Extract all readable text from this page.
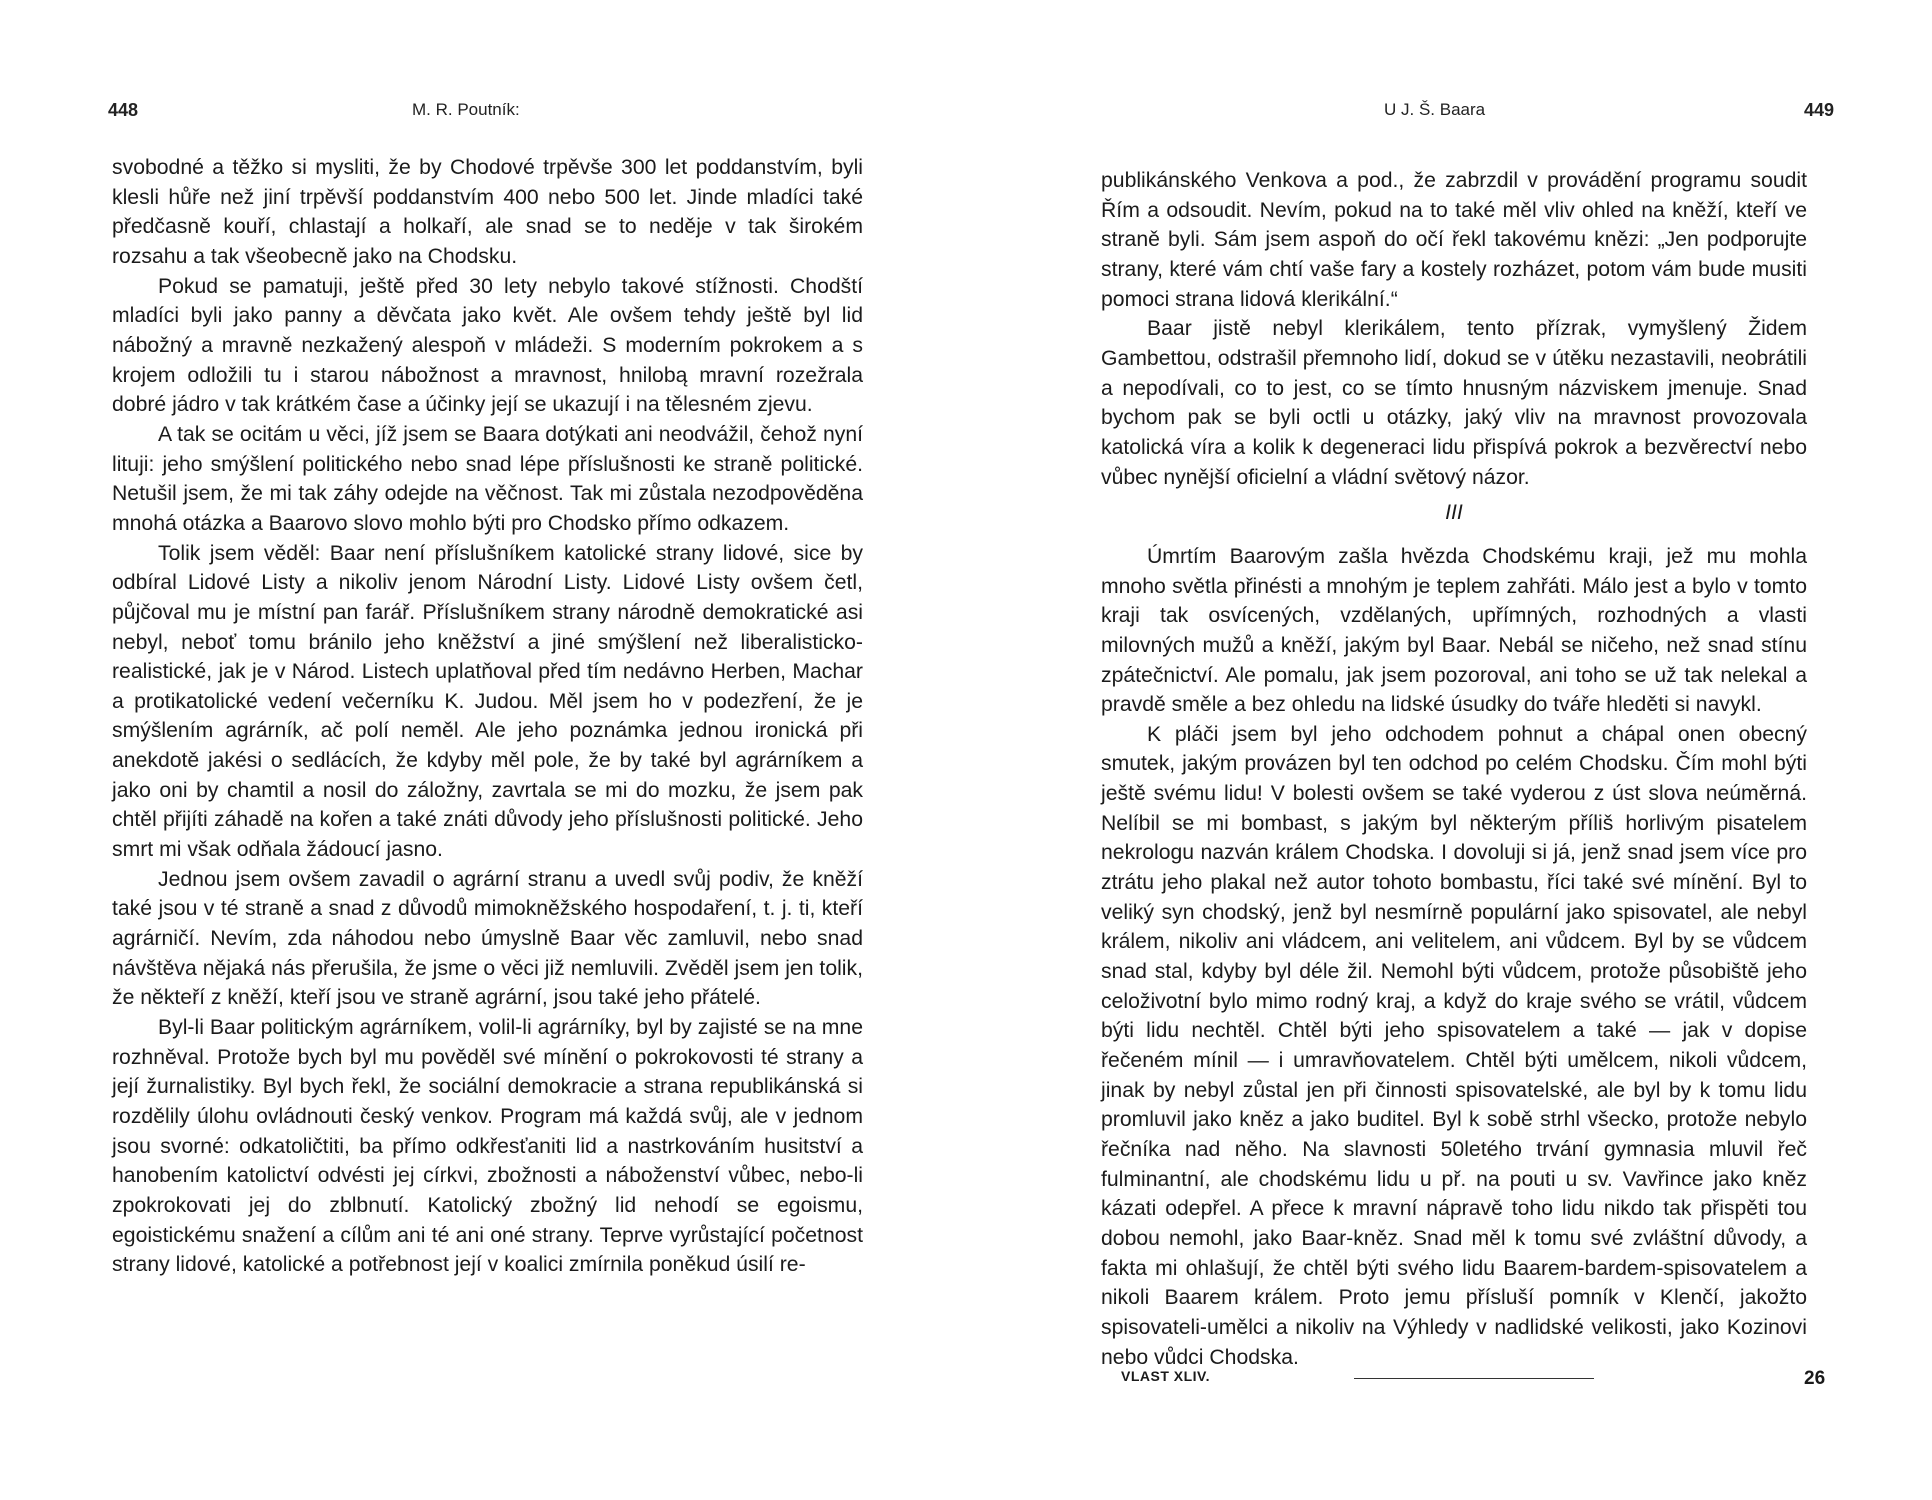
448	M. R. Poutník:

svobodné a těžko si mysliti, že by Chodové trpěvše 300 let poddanstvím, byli klesli hůře než jiní trpěvší poddanstvím 400 nebo 500 let. Jinde mladíci také předčasně kouří, chlastají a holkaří, ale snad se to neděje v tak širokém rozsahu a tak všeobecně jako na Chodsku.

Pokud se pamatuji, ještě před 30 lety nebylo takové stížnosti. Chodští mladíci byli jako panny a děvčata jako květ. Ale ovšem tehdy ještě byl lid nábožný a mravně nezkažený alespoň v mládeži. S moderním pokrokem a s krojem odložili tu i starou nábožnost a mravnost, hnilobą mravní rozežrala dobré jádro v tak krátkém čase a účinky její se ukazují i na tělesném zjevu.

A tak se ocitám u věci, jíž jsem se Baara dotýkati ani neodvážil, čehož nyní lituji: jeho smýšlení politického nebo snad lépe příslušnosti ke straně politické. Netušil jsem, že mi tak záhy odejde na věčnost. Tak mi zůstala nezodpověděna mnohá otázka a Baarovo slovo mohlo býti pro Chodsko přímo odkazem.

Tolik jsem věděl: Baar není příslušníkem katolické strany lidové, sice by odbíral Lidové Listy a nikoliv jenom Národní Listy. Lidové Listy ovšem četl, půjčoval mu je místní pan farář. Příslušníkem strany národně demokratické asi nebyl, neboť tomu bránilo jeho kněžství a jiné smýšlení než liberalisticko-realistické, jak je v Národ. Listech uplatňoval před tím nedávno Herben, Machar a protikatolické vedení večerníku K. Judou. Měl jsem ho v podezření, že je smýšlením agrárník, ač polí neměl. Ale jeho poznámka jednou ironická při anekdotě jakési o sedlácích, že kdyby měl pole, že by také byl agrárníkem a jako oni by chamtil a nosil do záložny, zavrtala se mi do mozku, že jsem pak chtěl přijíti záhadě na kořen a také znáti důvody jeho příslušnosti politické. Jeho smrt mi však odňala žádoucí jasno.

Jednou jsem ovšem zavadil o agrární stranu a uvedl svůj podiv, že kněží také jsou v té straně a snad z důvodů mimokněžského hospodaření, t. j. ti, kteří agrárničí. Nevím, zda náhodou nebo úmyslně Baar věc zamluvil, nebo snad návštěva nějaká nás přerušila, že jsme o věci již nemluvili. Zvěděl jsem jen tolik, že někteří z kněží, kteří jsou ve straně agrární, jsou také jeho přátelé.

Byl-li Baar politickým agrárníkem, volil-li agrárníky, byl by zajisté se na mne rozhněval. Protože bych byl mu pověděl své mínění o pokrokovosti té strany a její žurnalistiky. Byl bych řekl, že sociální demokracie a strana republikánská si rozdělily úlohu ovládnouti český venkov. Program má každá svůj, ale v jednom jsou svorné: odkatoličtiti, ba přímo odkřesťaniti lid a nastrkováním husitství a hanobením katolictví odvésti jej církvi, zbožnosti a náboženství vůbec, nebo-li zpokrokovati jej do zblbnutí. Katolický zbožný lid nehodí se egoismu, egoistickému snažení a cílům ani té ani oné strany. Teprve vyrůstající početnost strany lidové, katolické a potřebnost její v koalici zmírnila poněkud úsilí re-

U J. Š. Baara	449

publikánského Venkova a pod., že zabrzdil v provádění programu soudit Řím a odsoudit. Nevím, pokud na to také měl vliv ohled na kněží, kteří ve straně byli. Sám jsem aspoň do očí řekl takovému knězi: „Jen podporujte strany, které vám chtí vaše fary a kostely rozházet, potom vám bude musiti pomoci strana lidová klerikální.“

Baar jistě nebyl klerikálem, tento přízrak, vymyšlený Židem Gambettou, odstrašil přemnoho lidí, dokud se v útěku nezastavili, neobrátili a nepodívali, co to jest, co se tímto hnusným názviskem jmenuje. Snad bychom pak se byli octli u otázky, jaký vliv na mravnost provozovala katolická víra a kolik k degeneraci lidu přispívá pokrok a bezvěrectví nebo vůbec nynější oficielní a vládní světový názor.

III

Úmrtím Baarovým zašla hvězda Chodskému kraji, jež mu mohla mnoho světla přinésti a mnohým je teplem zahřáti. Málo jest a bylo v tomto kraji tak osvícených, vzdělaných, upřímných, rozhodných a vlasti milovných mužů a kněží, jakým byl Baar. Nebál se ničeho, než snad stínu zpátečnictví. Ale pomalu, jak jsem pozoroval, ani toho se už tak nelekal a pravdě směle a bez ohledu na lidské úsudky do tváře hleděti si navykl.

K pláči jsem byl jeho odchodem pohnut a chápal onen obecný smutek, jakým provázen byl ten odchod po celém Chodsku. Čím mohl býti ještě svému lidu! V bolesti ovšem se také vyderou z úst slova neúměrná. Nelíbil se mi bombast, s jakým byl některým příliš horlivým pisatelem nekrologu nazván králem Chodska. I dovoluji si já, jenž snad jsem více pro ztrátu jeho plakal než autor tohoto bombastu, říci také své mínění. Byl to veliký syn chodský, jenž byl nesmírně populární jako spisovatel, ale nebyl králem, nikoliv ani vládcem, ani velitelem, ani vůdcem. Byl by se vůdcem snad stal, kdyby byl déle žil. Nemohl býti vůdcem, protože působiště jeho celoživotní bylo mimo rodný kraj, a když do kraje svého se vrátil, vůdcem býti lidu nechtěl. Chtěl býti jeho spisovatelem a také — jak v dopise řečeném mínil — i umravňovatelem. Chtěl býti umělcem, nikoli vůdcem, jinak by nebyl zůstal jen při činnosti spisovatelské, ale byl by k tomu lidu promluvil jako kněz a jako buditel. Byl k sobě strhl všecko, protože nebylo řečníka nad něho. Na slavnosti 50letého trvání gymnasia mluvil řeč fulminantní, ale chodskému lidu u př. na pouti u sv. Vavřince jako kněz kázati odepřel. A přece k mravní nápravě toho lidu nikdo tak přispěti tou dobou nemohl, jako Baar-kněz. Snad měl k tomu své zvláštní důvody, a fakta mi ohlašují, že chtěl býti svého lidu Baarem-bardem-spisovatelem a nikoli Baarem králem. Proto jemu přísluší pomník v Klenčí, jakožto spisovateli-umělci a nikoliv na Výhledy v nadlidské velikosti, jako Kozinovi nebo vůdci Chodska.

VLAST XLIV.	26
